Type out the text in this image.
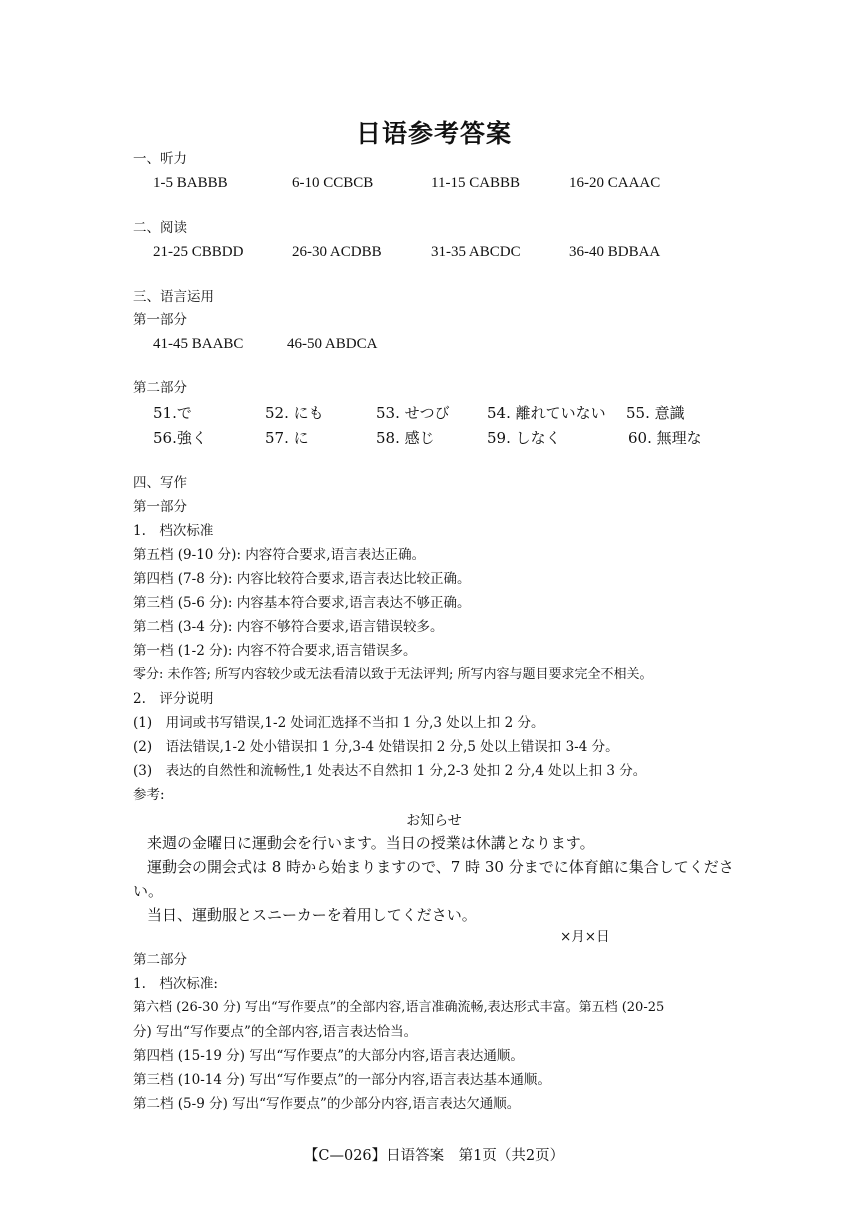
日语参考答案
一、听力
1-5 BABBB	6-10 CCBCB	11-15 CABBB	16-20 CAAAC
二、阅读
21-25 CBBDD	26-30 ACDBB	31-35 ABCDC	36-40 BDBAA
三、语言运用
第一部分
41-45 BAABC	46-50 ABDCA
第二部分
51.で	52. にも	53. せつび 54. 離れていない 55. 意識
56.強く	57. に	58. 感じ	59. しなく	60. 無理な
四、写作
第一部分
1.　档次标准
第五档 (9-10 分): 内容符合要求,语言表达正确。
第四档 (7-8 分): 内容比较符合要求,语言表达比较正确。
第三档 (5-6 分): 内容基本符合要求,语言表达不够正确。
第二档 (3-4 分): 内容不够符合要求,语言错误较多。
第一档 (1-2 分): 内容不符合要求,语言错误多。
零分: 未作答; 所写内容较少或无法看清以致于无法评判; 所写内容与题目要求完全不相关。
2.　评分说明
(1)　用词或书写错误,1-2 处词汇选择不当扣 1 分,3 处以上扣 2 分。
(2)　语法错误,1-2 处小错误扣 1 分,3-4 处错误扣 2 分,5 处以上错误扣 3-4 分。
(3)　表达的自然性和流畅性,1 处表达不自然扣 1 分,2-3 处扣 2 分,4 处以上扣 3 分。
参考:
お知らせ
来週の金曜日に運動会を行います。当日の授業は休講となります。
運動会の開会式は 8 時から始まりますので、7 時 30 分までに体育館に集合してくださ
い。
当日、運動服とスニーカーを着用してください。
×月×日
第二部分
1.　档次标准:
第六档 (26-30 分) 写出“写作要点”的全部内容,语言准确流畅,表达形式丰富。第五档 (20-25
分) 写出“写作要点”的全部内容,语言表达恰当。
第四档 (15-19 分) 写出“写作要点”的大部分内容,语言表达通顺。
第三档 (10-14 分) 写出“写作要点”的一部分内容,语言表达基本通顺。
第二档 (5-9 分) 写出“写作要点”的少部分内容,语言表达欠通顺。
【C—026】日语答案　第1页（共2页）
